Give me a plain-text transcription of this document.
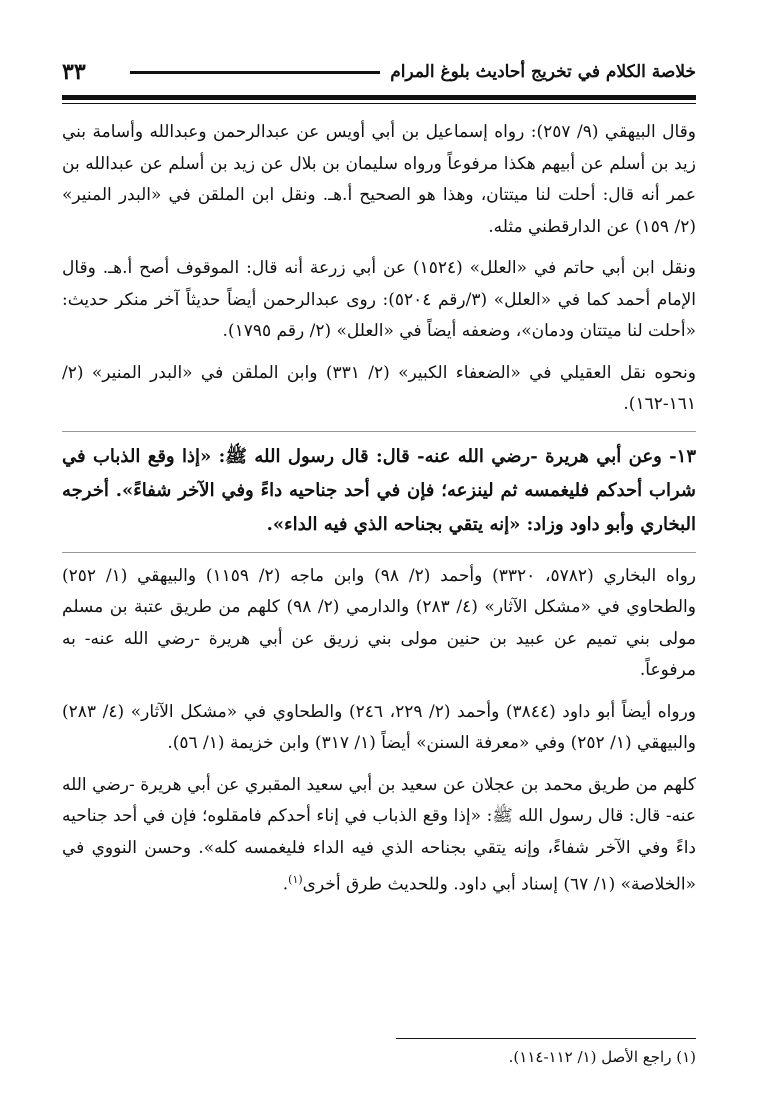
٣٣	خلاصة الكلام في تخريج أحاديث بلوغ المرام

وقال البيهقي (٩/ ٢٥٧): رواه إسماعيل بن أبي أويس عن عبدالرحمن وعبدالله وأسامة بني زيد بن أسلم عن أبيهم هكذا مرفوعاً ورواه سليمان بن بلال عن زيد بن أسلم عن عبدالله بن عمر أنه قال: أحلت لنا ميتتان، وهذا هو الصحيح أ.هـ. ونقل ابن الملقن في «البدر المنير» (٢/ ١٥٩) عن الدارقطني مثله.

ونقل ابن أبي حاتم في «العلل» (١٥٢٤) عن أبي زرعة أنه قال: الموقوف أصح أ.هـ. وقال الإمام أحمد كما في «العلل» (٣/رقم ٥٢٠٤): روى عبدالرحمن أيضاً حديثاً آخر منكر حديث: «أحلت لنا ميتتان ودمان»، وضعفه أيضاً في «العلل» (٢/ رقم ١٧٩٥).

ونحوه نقل العقيلي في «الضعفاء الكبير» (٢/ ٣٣١) وابن الملقن في «البدر المنير» (٢/ ١٦١-١٦٢).

١٣- وعن أبي هريرة -رضي الله عنه- قال: قال رسول الله ﷺ: «إذا وقع الذباب في شراب أحدكم فليغمسه ثم لينزعه؛ فإن في أحد جناحيه داءً وفي الآخر شفاءً». أخرجه البخاري وأبو داود وزاد: «إنه يتقي بجناحه الذي فيه الداء».

رواه البخاري (٥٧٨٢، ٣٣٢٠) وأحمد (٢/ ٩٨) وابن ماجه (٢/ ١١٥٩) والبيهقي (١/ ٢٥٢) والطحاوي في «مشكل الآثار» (٤/ ٢٨٣) والدارمي (٢/ ٩٨) كلهم من طريق عتبة بن مسلم مولى بني تميم عن عبيد بن حنين مولى بني زريق عن أبي هريرة -رضي الله عنه- به مرفوعاً.

ورواه أيضاً أبو داود (٣٨٤٤) وأحمد (٢/ ٢٢٩، ٢٤٦) والطحاوي في «مشكل الآثار» (٤/ ٢٨٣) والبيهقي (١/ ٢٥٢) وفي «معرفة السنن» أيضاً (١/ ٣١٧) وابن خزيمة (١/ ٥٦).

كلهم من طريق محمد بن عجلان عن سعيد بن أبي سعيد المقبري عن أبي هريرة -رضي الله عنه- قال: قال رسول الله ﷺ: «إذا وقع الذباب في إناء أحدكم فامقلوه؛ فإن في أحد جناحيه داءً وفي الآخر شفاءً، وإنه يتقي بجناحه الذي فيه الداء فليغمسه كله». وحسن النووي في «الخلاصة» (١/ ٦٧) إسناد أبي داود. وللحديث طرق أخرى$^{(١)}$.

(١) راجع الأصل (١/ ١١٢-١١٤).
